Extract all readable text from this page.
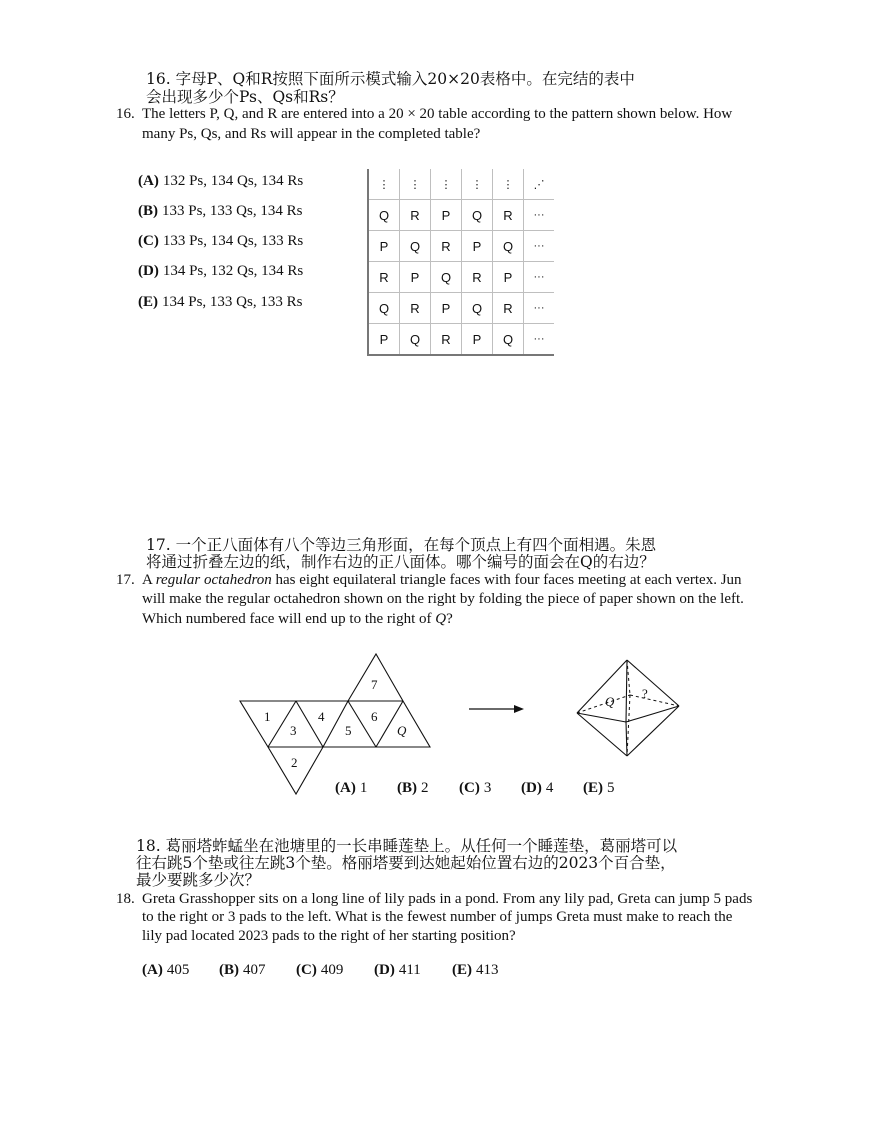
16. 字母P、Q和R按照下面所示模式输入20×20表格中。在完结的表中
会出现多少个Ps、Qs和Rs？
16. The letters P, Q, and R are entered into a 20 × 20 table according to the pattern shown below. How
many Ps, Qs, and Rs will appear in the completed table?
(A) 132 Ps, 134 Qs, 134 Rs
(B) 133 Ps, 133 Qs, 134 Rs
(C) 133 Ps, 134 Qs, 133 Rs
(D) 134 Ps, 132 Qs, 134 Rs
(E) 134 Ps, 133 Qs, 133 Rs
⋮	⋮	⋮	⋮	⋮	⋰
Q	R	P	Q	R	···
P	Q	R	P	Q	···
R	P	Q	R	P	···
Q	R	P	Q	R	···
P	Q	R	P	Q	···
17. 一个正八面体有八个等边三角形面，在每个顶点上有四个面相遇。朱恩
将通过折叠左边的纸，制作右边的正八面体。哪个编号的面会在Q的右边？
17. A regular octahedron has eight equilateral triangle faces with four faces meeting at each vertex. Jun
will make the regular octahedron shown on the right by folding the piece of paper shown on the left.
Which numbered face will end up to the right of Q?
1
2
3
4
5
6
7
Q
Q
?
(A) 1 (B) 2 (C) 3 (D) 4 (E) 5
18. 葛丽塔蚱蜢坐在池塘里的一长串睡莲垫上。从任何一个睡莲垫，葛丽塔可以
往右跳5个垫或往左跳3个垫。格丽塔要到达她起始位置右边的2023个百合垫，
最少要跳多少次？
18. Greta Grasshopper sits on a long line of lily pads in a pond. From any lily pad, Greta can jump 5 pads
to the right or 3 pads to the left. What is the fewest number of jumps Greta must make to reach the
lily pad located 2023 pads to the right of her starting position?
(A) 405 (B) 407 (C) 409 (D) 411 (E) 413
